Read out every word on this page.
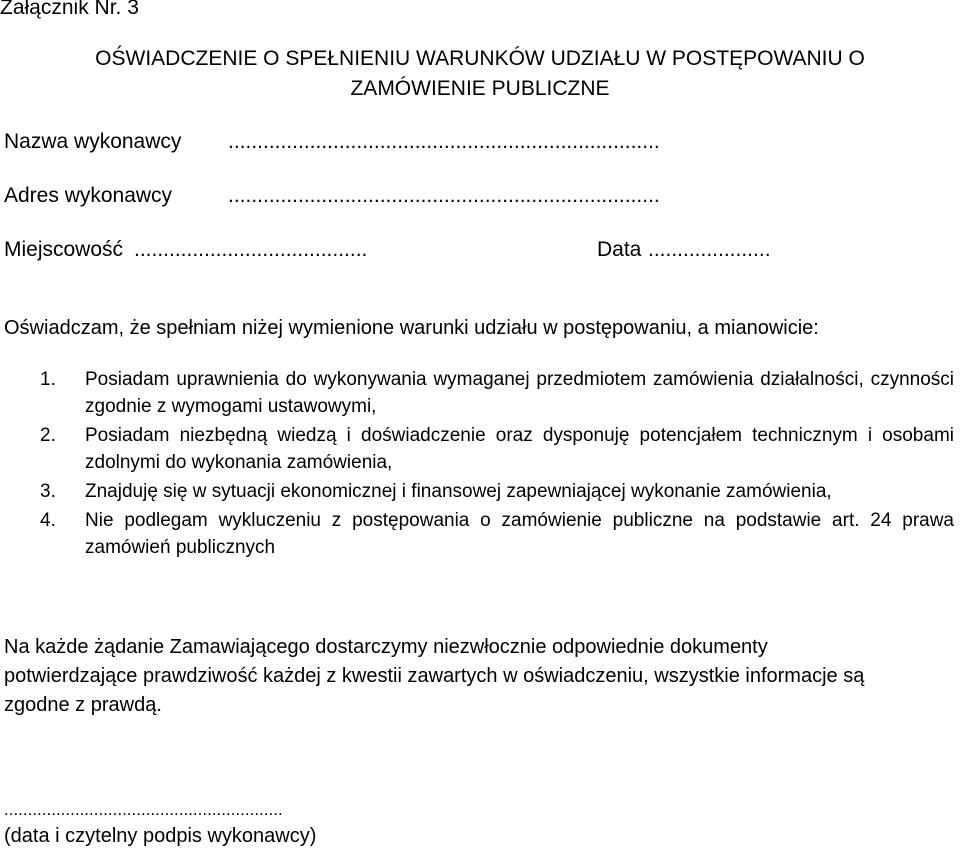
Załącznik Nr. 3
OŚWIADCZENIE O SPEŁNIENIU WARUNKÓW UDZIAŁU W POSTĘPOWANIU O
ZAMÓWIENIE PUBLICZNE
Nazwa wykonawcy ..........................................................................
Adres wykonawcy	..........................................................................
Miejscowość ........................................	Data .....................
Oświadczam, że spełniam niżej wymienione warunki udziału w postępowaniu, a mianowicie:
1. Posiadam uprawnienia do wykonywania wymaganej przedmiotem zamówienia działalności, czynności zgodnie z wymogami ustawowymi,
2. Posiadam niezbędną wiedzą i doświadczenie oraz dysponuję potencjałem technicznym i osobami zdolnymi do wykonania zamówienia,
3. Znajduję się w sytuacji ekonomicznej i finansowej zapewniającej wykonanie zamówienia,
4. Nie podlegam wykluczeniu z postępowania o zamówienie publiczne na podstawie art. 24 prawa zamówień publicznych
Na każde żądanie Zamawiającego dostarczymy niezwłocznie odpowiednie dokumenty potwierdzające prawdziwość każdej z kwestii zawartych w oświadczeniu, wszystkie informacje są zgodne z prawdą.
...........................................................
(data i czytelny podpis wykonawcy)
